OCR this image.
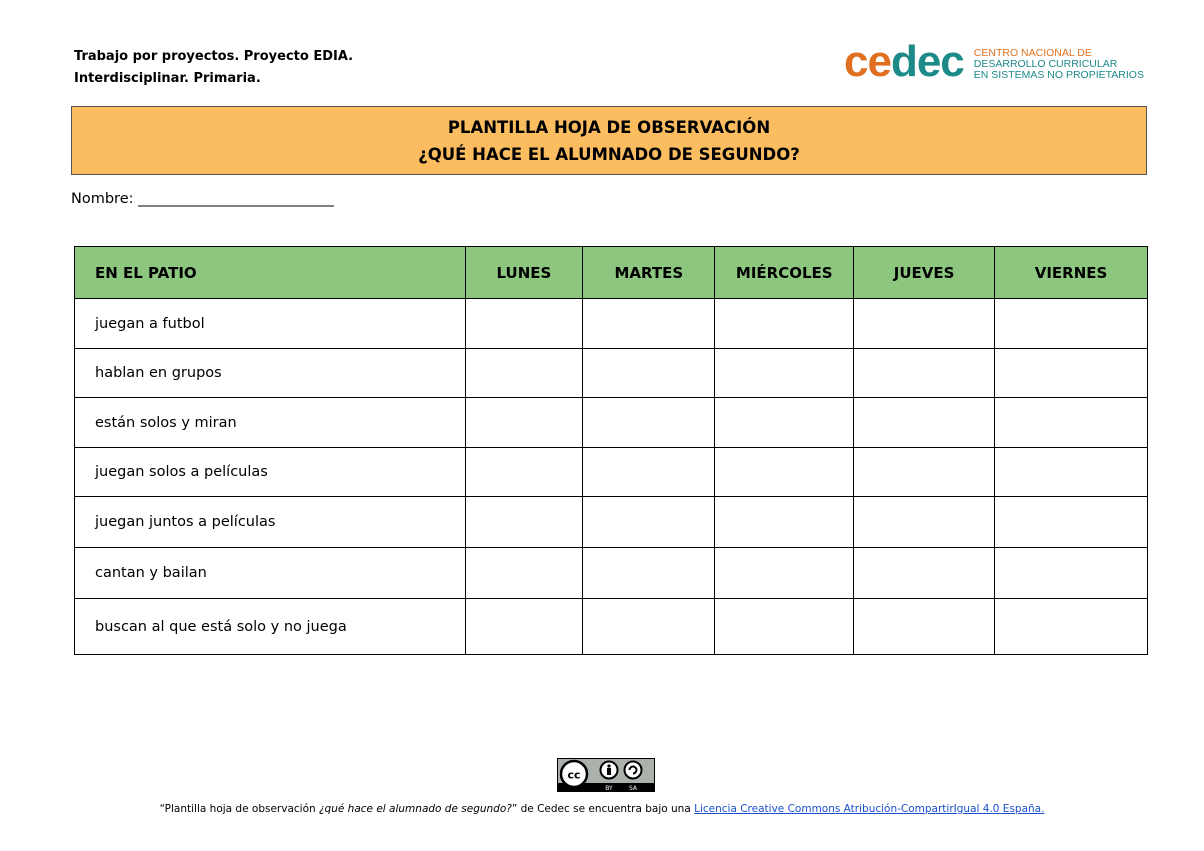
Trabajo por proyectos. Proyecto EDIA.
Interdisciplinar. Primaria.	cedec CENTRO NACIONAL DE
DESARROLLO CURRICULAR
EN SISTEMAS NO PROPIETARIOS
PLANTILLA HOJA DE OBSERVACIÓN
¿QUÉ HACE EL ALUMNADO DE SEGUNDO?
Nombre: ___________________________
EN EL PATIO	LUNES	MARTES	MIÉRCOLES	JUEVES	VIERNES
juegan a futbol					
hablan en grupos					
están solos y miran					
juegan solos a películas					
juegan juntos a películas					
cantan y bailan					
buscan al que está solo y no juega					
cc
BY	SA
“Plantilla hoja de observación ¿qué hace el alumnado de segundo?” de Cedec se encuentra bajo una Licencia Creative Commons Atribución-CompartirIgual 4.0 España.
